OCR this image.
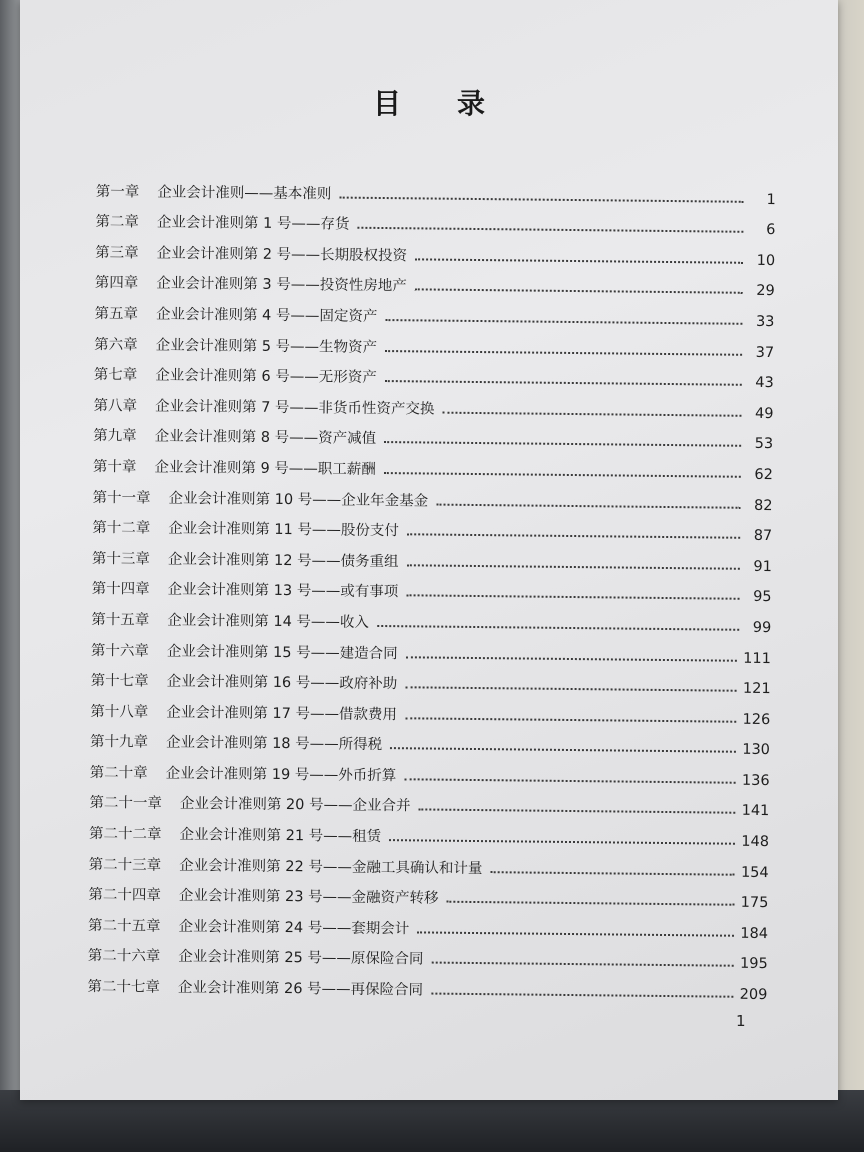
目录
第一章	企业会计准则——基本准则	1
第二章	企业会计准则第 1 号——存货	6
第三章	企业会计准则第 2 号——长期股权投资	10
第四章	企业会计准则第 3 号——投资性房地产	29
第五章	企业会计准则第 4 号——固定资产	33
第六章	企业会计准则第 5 号——生物资产	37
第七章	企业会计准则第 6 号——无形资产	43
第八章	企业会计准则第 7 号——非货币性资产交换	49
第九章	企业会计准则第 8 号——资产减值	53
第十章	企业会计准则第 9 号——职工薪酬	62
第十一章	企业会计准则第 10 号——企业年金基金	82
第十二章	企业会计准则第 11 号——股份支付	87
第十三章	企业会计准则第 12 号——债务重组	91
第十四章	企业会计准则第 13 号——或有事项	95
第十五章	企业会计准则第 14 号——收入	99
第十六章	企业会计准则第 15 号——建造合同	111
第十七章	企业会计准则第 16 号——政府补助	121
第十八章	企业会计准则第 17 号——借款费用	126
第十九章	企业会计准则第 18 号——所得税	130
第二十章	企业会计准则第 19 号——外币折算	136
第二十一章	企业会计准则第 20 号——企业合并	141
第二十二章	企业会计准则第 21 号——租赁	148
第二十三章	企业会计准则第 22 号——金融工具确认和计量	154
第二十四章	企业会计准则第 23 号——金融资产转移	175
第二十五章	企业会计准则第 24 号——套期会计	184
第二十六章	企业会计准则第 25 号——原保险合同	195
第二十七章	企业会计准则第 26 号——再保险合同	209
1
